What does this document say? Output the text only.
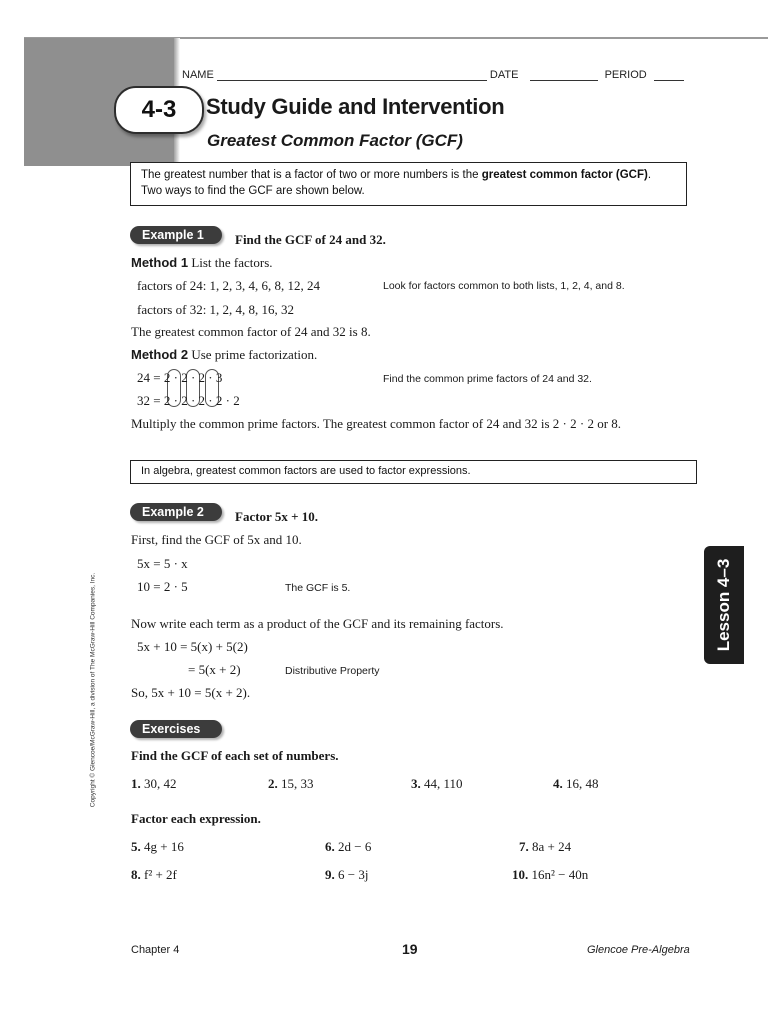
NAME	DATE	PERIOD
4-3	Study Guide and Intervention
Greatest Common Factor (GCF)
The greatest number that is a factor of two or more numbers is the greatest common factor (GCF).
Two ways to find the GCF are shown below.
Example 1	Find the GCF of 24 and 32.
Method 1 List the factors.
factors of 24: 1, 2, 3, 4, 6, 8, 12, 24	Look for factors common to both lists, 1, 2, 4, and 8.
factors of 32: 1, 2, 4, 8, 16, 32
The greatest common factor of 24 and 32 is 8.
Method 2 Use prime factorization.
24 = 2 · 2 · 2 · 3	Find the common prime factors of 24 and 32.
32 = 2 · 2 · 2 · 2 · 2
Multiply the common prime factors. The greatest common factor of 24 and 32 is 2 · 2 · 2 or 8.
In algebra, greatest common factors are used to factor expressions.
Example 2	Factor 5x + 10.
First, find the GCF of 5x and 10.
5x = 5 · x
10 = 2 · 5	The GCF is 5.
Now write each term as a product of the GCF and its remaining factors.
5x + 10 = 5(x) + 5(2)
= 5(x + 2)	Distributive Property
So, 5x + 10 = 5(x + 2).
Exercises
Find the GCF of each set of numbers.
1. 30, 42	2. 15, 33	3. 44, 110	4. 16, 48
Factor each expression.
5. 4g + 16	6. 2d − 6	7. 8a + 24
8. f² + 2f	9. 6 − 3j	10. 16n² − 40n
Lesson 4–3
Copyright © Glencoe/McGraw-Hill, a division of The McGraw-Hill Companies, Inc.
Chapter 4	19	Glencoe Pre-Algebra
